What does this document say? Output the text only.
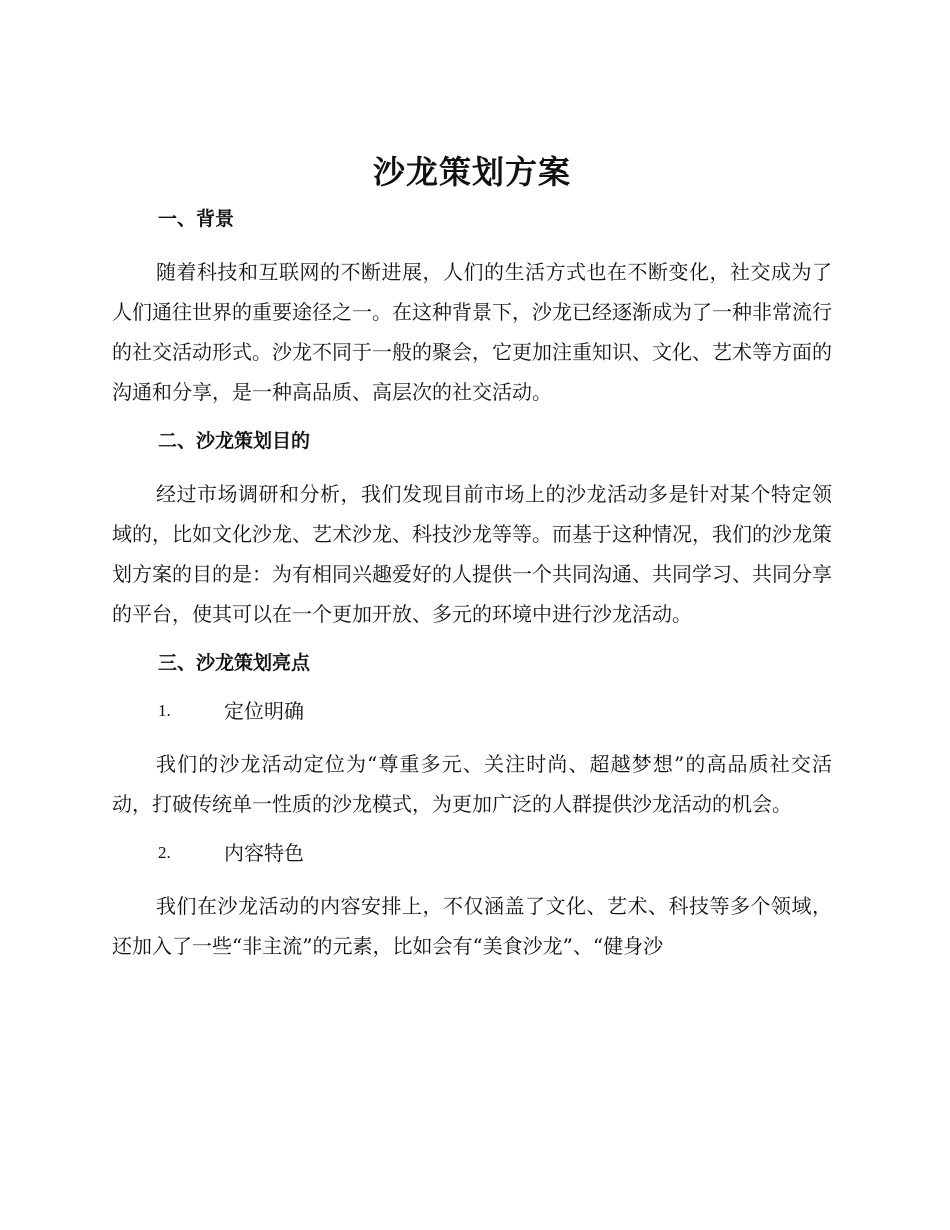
沙龙策划方案
一、背景

随着科技和互联网的不断进展，人们的生活方式也在不断变化，社交成为了人们通往世界的重要途径之一。在这种背景下，沙龙已经逐渐成为了一种非常流行的社交活动形式。沙龙不同于一般的聚会，它更加注重知识、文化、艺术等方面的沟通和分享，是一种高品质、高层次的社交活动。

二、沙龙策划目的

经过市场调研和分析，我们发现目前市场上的沙龙活动多是针对某个特定领域的，比如文化沙龙、艺术沙龙、科技沙龙等等。而基于这种情况，我们的沙龙策划方案的目的是：为有相同兴趣爱好的人提供一个共同沟通、共同学习、共同分享的平台，使其可以在一个更加开放、多元的环境中进行沙龙活动。

三、沙龙策划亮点
1.	定位明确

我们的沙龙活动定位为“尊重多元、关注时尚、超越梦想”的高品质社交活动，打破传统单一性质的沙龙模式，为更加广泛的人群提供沙龙活动的机会。

2.	内容特色

我们在沙龙活动的内容安排上，不仅涵盖了文化、艺术、科技等多个领域，还加入了一些“非主流”的元素，比如会有“美食沙龙”、“健身沙
